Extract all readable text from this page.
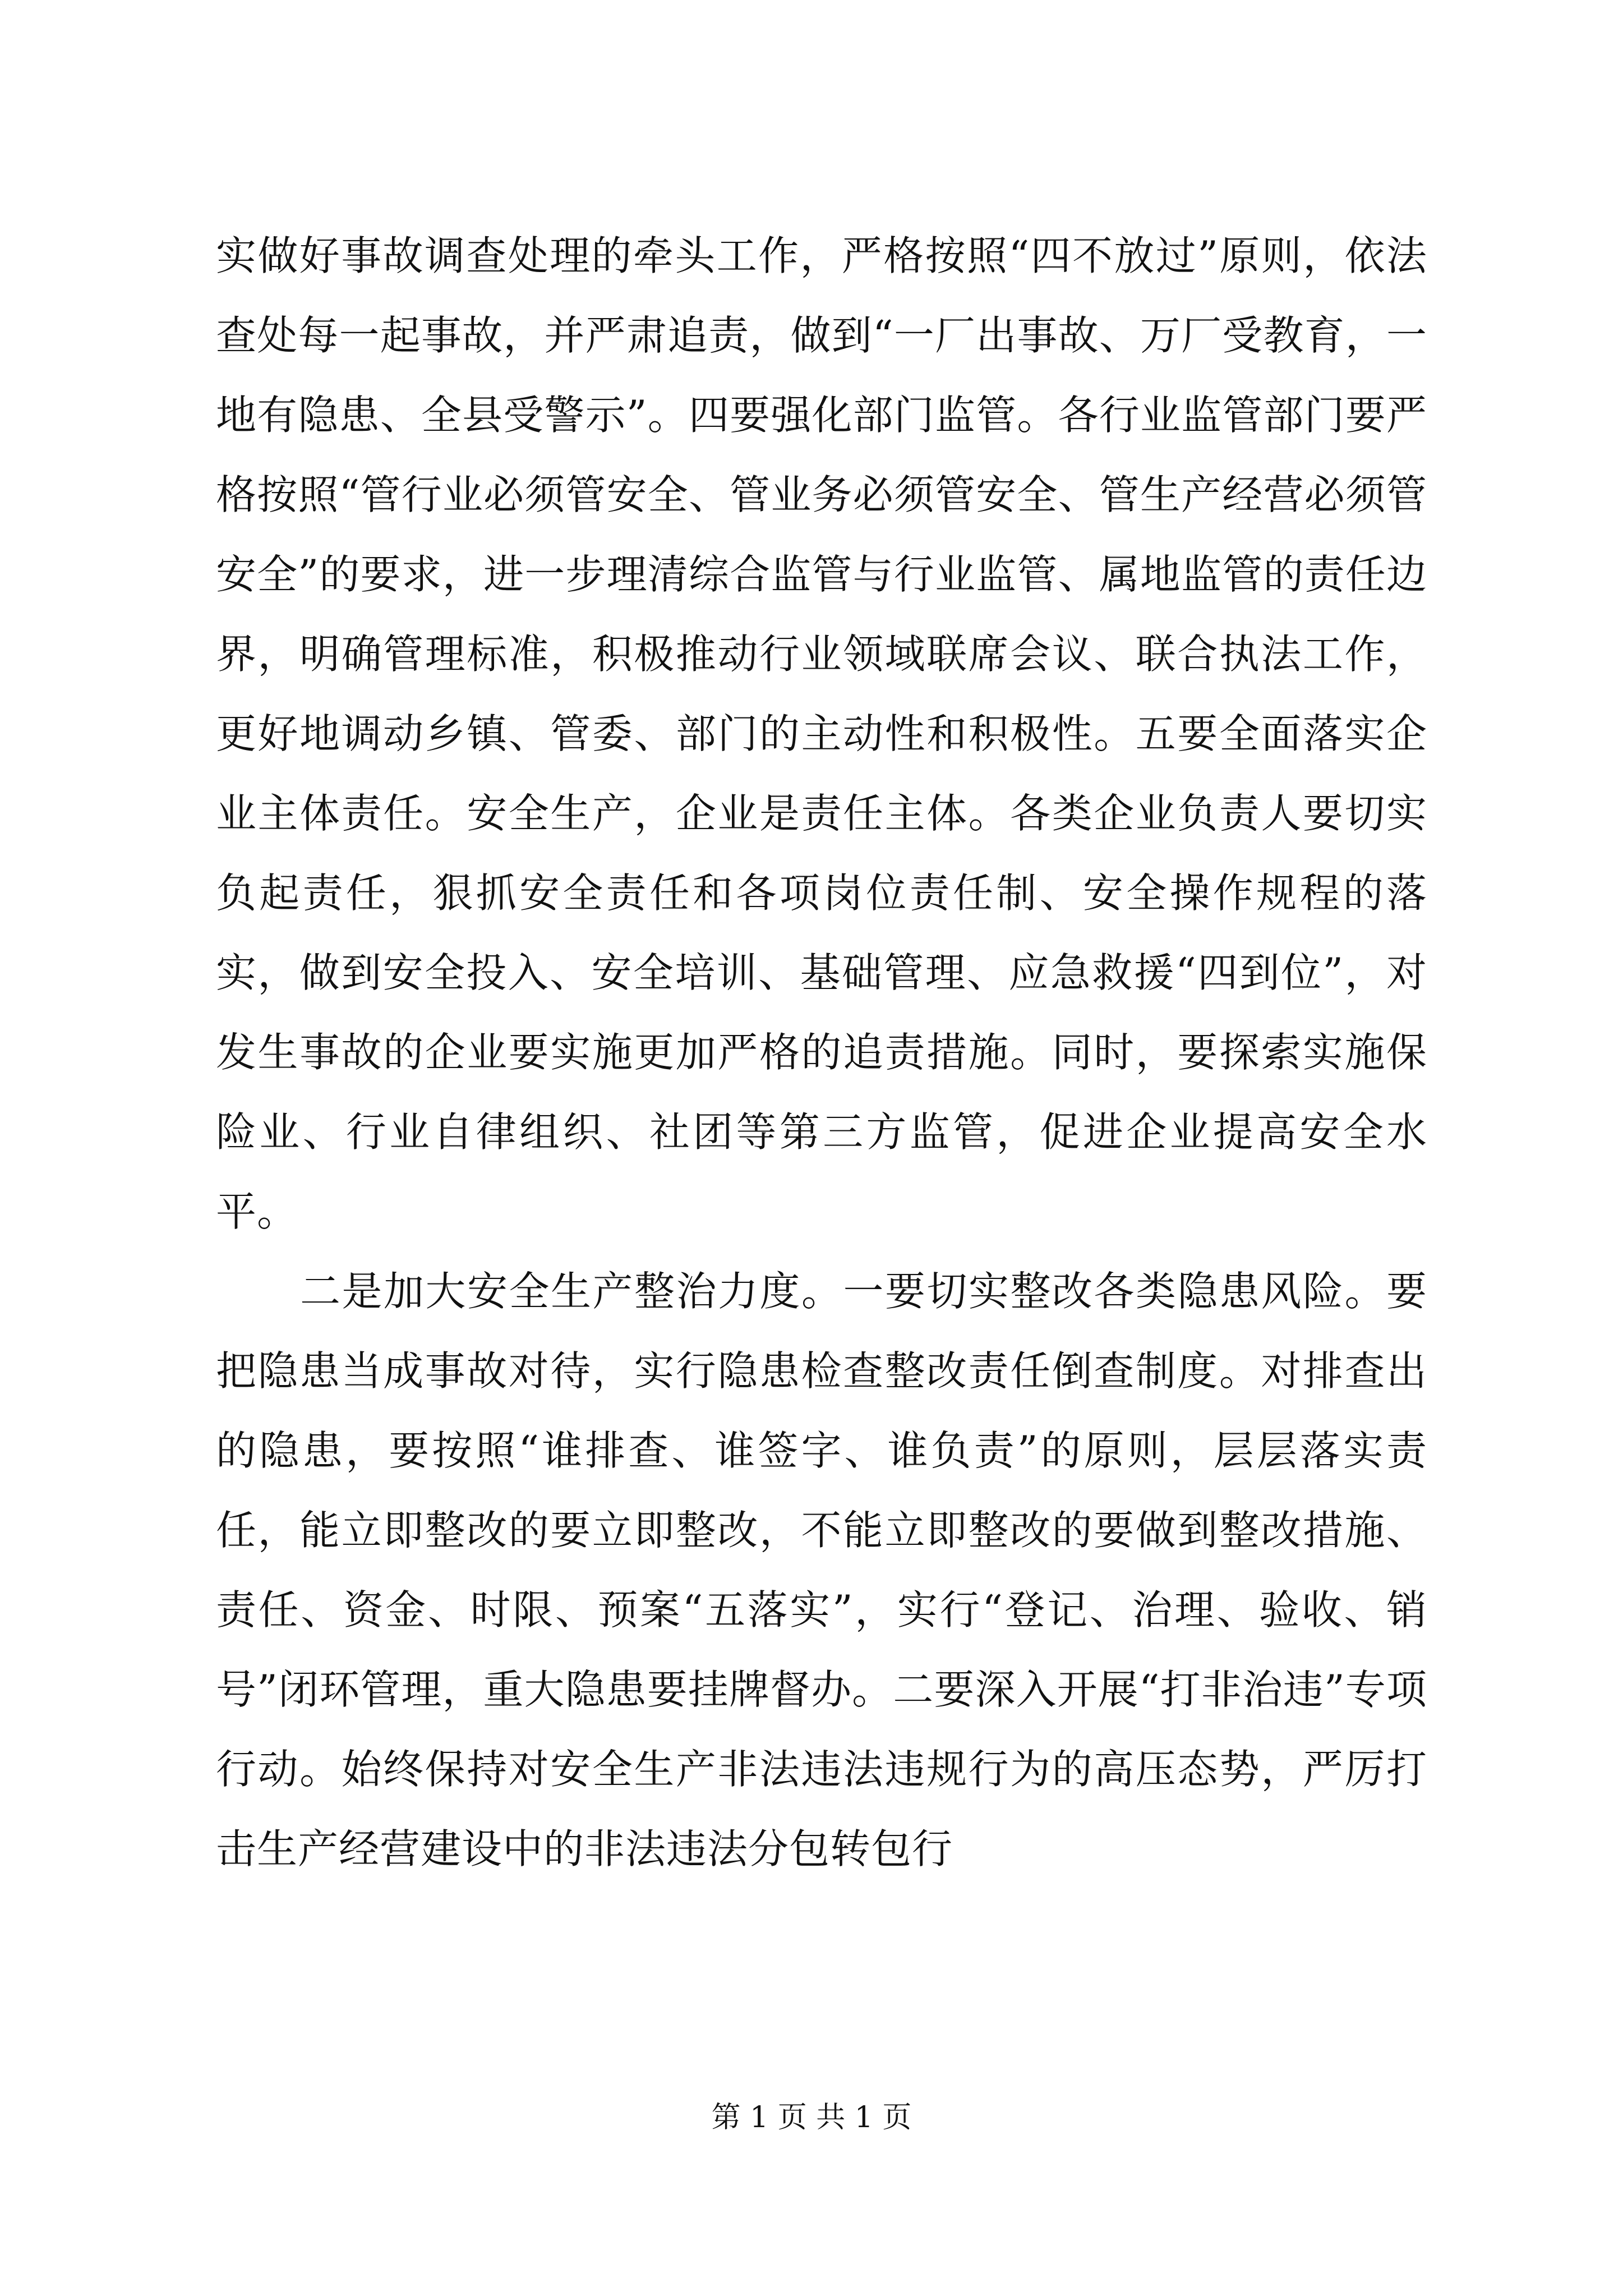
实做好事故调查处理的牵头工作，严格按照“四不放过”原则，依法查处每一起事故，并严肃追责，做到“一厂出事故、万厂受教育，一地有隐患、全县受警示”。四要强化部门监管。各行业监管部门要严格按照“管行业必须管安全、管业务必须管安全、管生产经营必须管安全”的要求，进一步理清综合监管与行业监管、属地监管的责任边界，明确管理标准，积极推动行业领域联席会议、联合执法工作，更好地调动乡镇、管委、部门的主动性和积极性。五要全面落实企业主体责任。安全生产，企业是责任主体。各类企业负责人要切实负起责任，狠抓安全责任和各项岗位责任制、安全操作规程的落实，做到安全投入、安全培训、基础管理、应急救援“四到位”，对发生事故的企业要实施更加严格的追责措施。同时，要探索实施保险业、行业自律组织、社团等第三方监管，促进企业提高安全水平。

二是加大安全生产整治力度。一要切实整改各类隐患风险。要把隐患当成事故对待，实行隐患检查整改责任倒查制度。对排查出的隐患，要按照“谁排查、谁签字、谁负责”的原则，层层落实责任，能立即整改的要立即整改，不能立即整改的要做到整改措施、责任、资金、时限、预案“五落实”，实行“登记、治理、验收、销号”闭环管理，重大隐患要挂牌督办。二要深入开展“打非治违”专项行动。始终保持对安全生产非法违法违规行为的高压态势，严厉打击生产经营建设中的非法违法分包转包行

第 1 页 共 1 页
